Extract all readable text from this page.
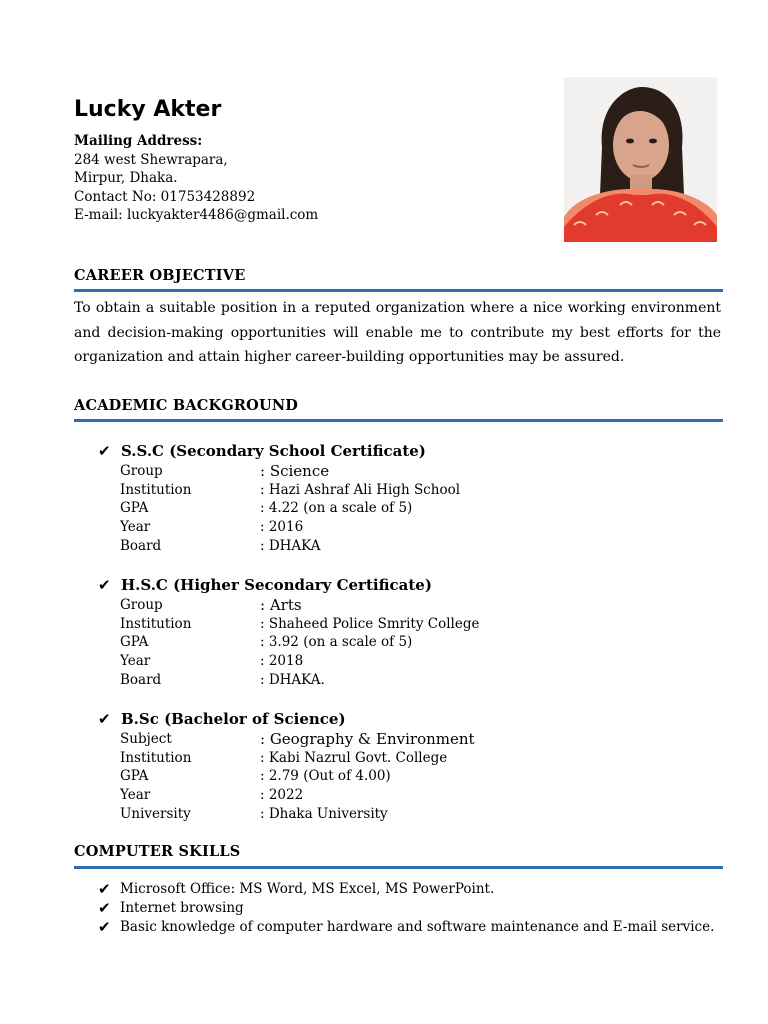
Lucky Akter
Mailing Address:
284 west Shewrapara,
Mirpur, Dhaka.
Contact No: 01753428892
E-mail: luckyakter4486@gmail.com
CAREER OBJECTIVE

To obtain a suitable position in a reputed organization where a nice working environment and decision-making opportunities will enable me to contribute my best efforts for the organization and attain higher career-building opportunities may be assured.

ACADEMIC BACKGROUND
✔ S.S.C (Secondary School Certificate)
Group	: Science
Institution	: Hazi Ashraf Ali High School
GPA	: 4.22 (on a scale of 5)
Year	: 2016
Board	: DHAKA
✔ H.S.C (Higher Secondary Certificate)
Group	: Arts
Institution	: Shaheed Police Smrity College
GPA	: 3.92 (on a scale of 5)
Year	: 2018
Board	: DHAKA.
✔ B.Sc (Bachelor of Science)
Subject	: Geography & Environment
Institution	: Kabi Nazrul Govt. College
GPA	: 2.79 (Out of 4.00)
Year	: 2022
University	: Dhaka University
COMPUTER SKILLS
✔ Microsoft Office: MS Word, MS Excel, MS PowerPoint.
✔ Internet browsing
✔ Basic knowledge of computer hardware and software maintenance and E-mail service.
